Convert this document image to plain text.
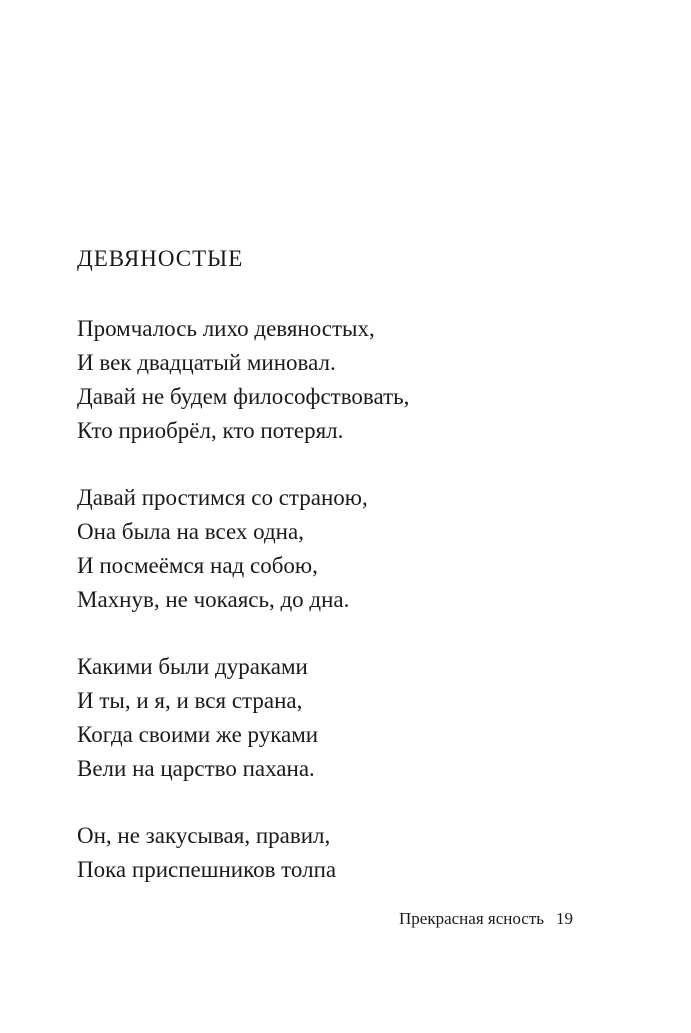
ДЕВЯНОСТЫЕ
Промчалось лихо девяностых,
И век двадцатый миновал.
Давай не будем философствовать,
Кто приобрёл, кто потерял.
Давай простимся со страною,
Она была на всех одна,
И посмеёмся над собою,
Махнув, не чокаясь, до дна.
Какими были дураками
И ты, и я, и вся страна,
Когда своими же руками
Вели на царство пахана.
Он, не закусывая, правил,
Пока приспешников толпа
Прекрасная ясность 19
